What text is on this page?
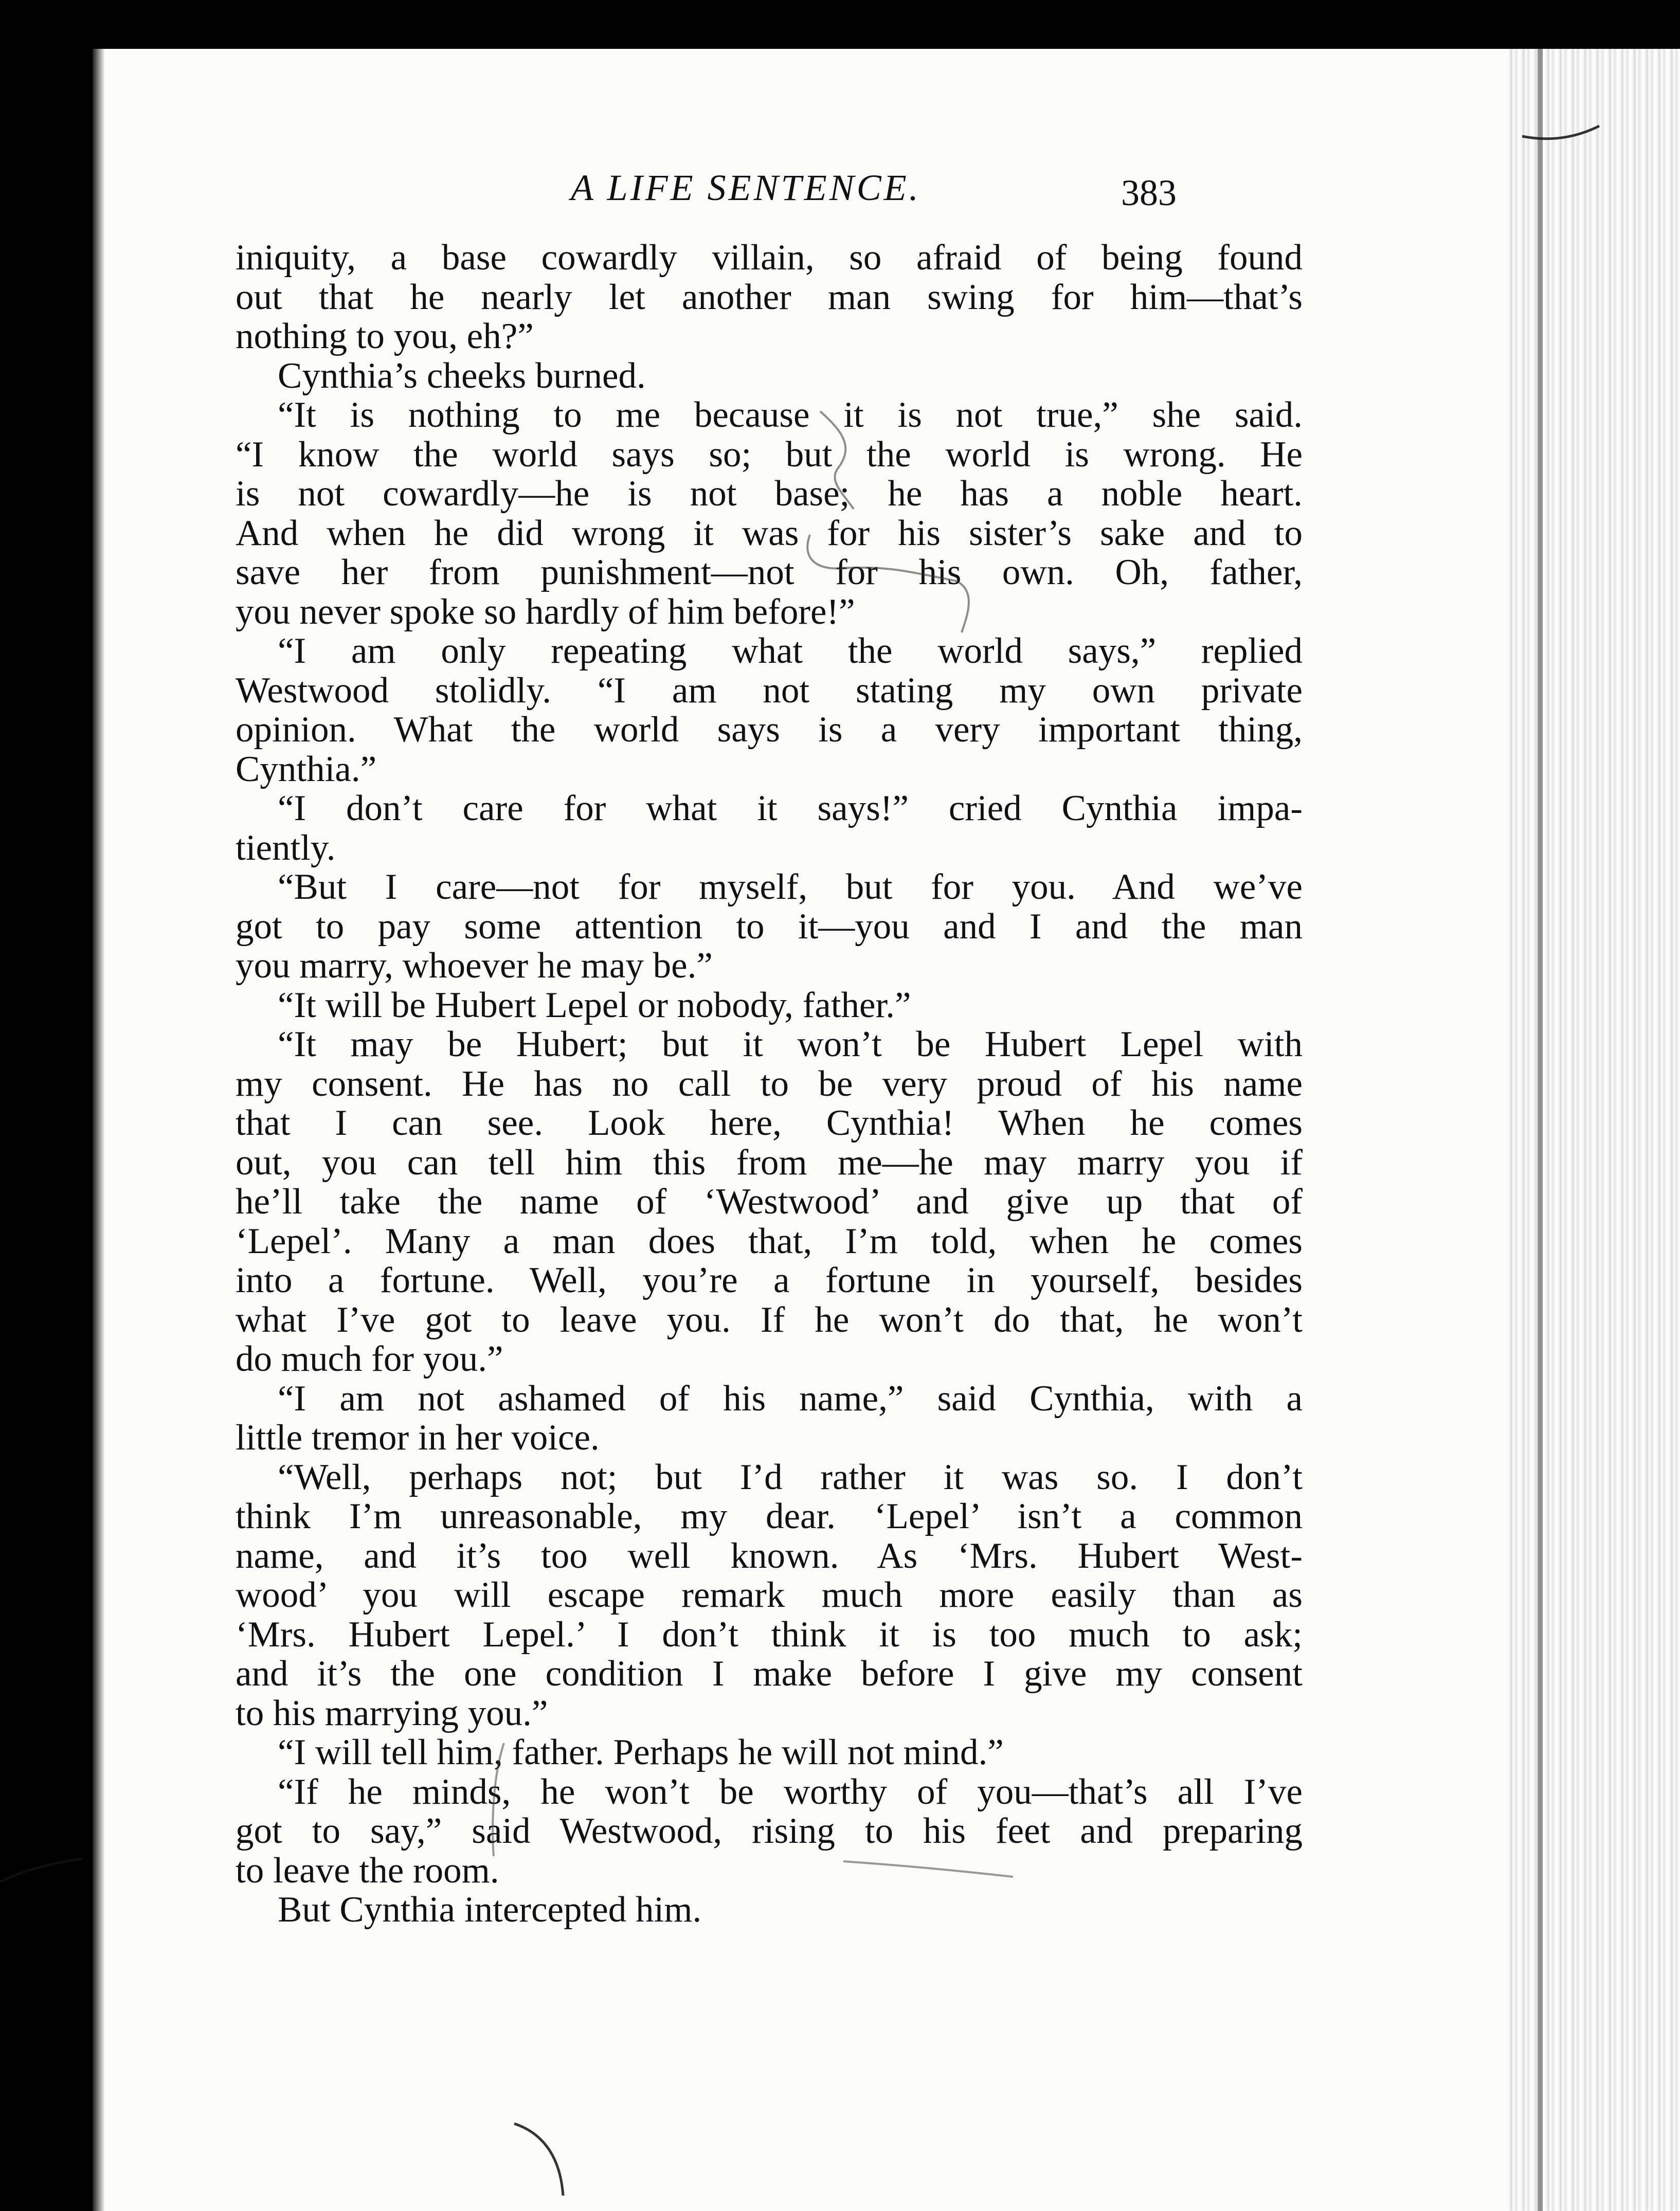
A LIFE SENTENCE.	383
iniquity, a base cowardly villain, so afraid of being found
out that he nearly let another man swing for him—that’s
nothing to you, eh?”
Cynthia’s cheeks burned.
“It is nothing to me because it is not true,” she said.
“I know the world says so; but the world is wrong. He
is not cowardly—he is not base; he has a noble heart.
And when he did wrong it was for his sister’s sake and to
save her from punishment—not for his own. Oh, father,
you never spoke so hardly of him before!”
“I am only repeating what the world says,” replied
Westwood stolidly. “I am not stating my own private
opinion. What the world says is a very important thing,
Cynthia.”
“I don’t care for what it says!” cried Cynthia impa-
tiently.
“But I care—not for myself, but for you. And we’ve
got to pay some attention to it—you and I and the man
you marry, whoever he may be.”
“It will be Hubert Lepel or nobody, father.”
“It may be Hubert; but it won’t be Hubert Lepel with
my consent. He has no call to be very proud of his name
that I can see. Look here, Cynthia! When he comes
out, you can tell him this from me—he may marry you if
he’ll take the name of ‘Westwood’ and give up that of
‘Lepel’. Many a man does that, I’m told, when he comes
into a fortune. Well, you’re a fortune in yourself, besides
what I’ve got to leave you. If he won’t do that, he won’t
do much for you.”
“I am not ashamed of his name,” said Cynthia, with a
little tremor in her voice.
“Well, perhaps not; but I’d rather it was so. I don’t
think I’m unreasonable, my dear. ‘Lepel’ isn’t a common
name, and it’s too well known. As ‘Mrs. Hubert West-
wood’ you will escape remark much more easily than as
‘Mrs. Hubert Lepel.’ I don’t think it is too much to ask;
and it’s the one condition I make before I give my consent
to his marrying you.”
“I will tell him, father. Perhaps he will not mind.”
“If he minds, he won’t be worthy of you—that’s all I’ve
got to say,” said Westwood, rising to his feet and preparing
to leave the room.
But Cynthia intercepted him.
